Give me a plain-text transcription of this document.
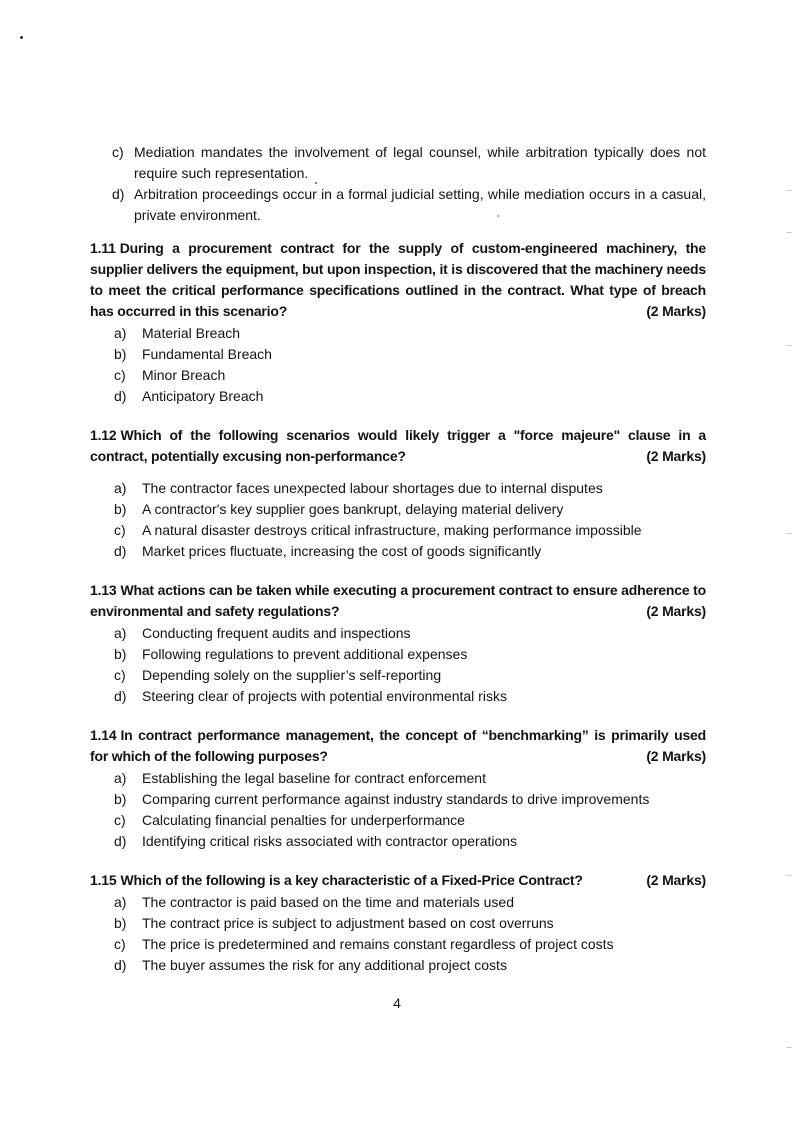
c) Mediation mandates the involvement of legal counsel, while arbitration typically does not require such representation.

d) Arbitration proceedings occur in a formal judicial setting, while mediation occurs in a casual, private environment.

1.11 During a procurement contract for the supply of custom-engineered machinery, the supplier delivers the equipment, but upon inspection, it is discovered that the machinery needs to meet the critical performance specifications outlined in the contract. What type of breach has occurred in this scenario?	(2 Marks)

a) Material Breach

b) Fundamental Breach

c) Minor Breach

d) Anticipatory Breach

1.12 Which of the following scenarios would likely trigger a "force majeure" clause in a contract, potentially excusing non-performance?	(2 Marks)

a) The contractor faces unexpected labour shortages due to internal disputes

b) A contractor's key supplier goes bankrupt, delaying material delivery

c) A natural disaster destroys critical infrastructure, making performance impossible

d) Market prices fluctuate, increasing the cost of goods significantly

1.13 What actions can be taken while executing a procurement contract to ensure adherence to environmental and safety regulations?	(2 Marks)

a) Conducting frequent audits and inspections

b) Following regulations to prevent additional expenses

c) Depending solely on the supplier’s self-reporting

d) Steering clear of projects with potential environmental risks

1.14 In contract performance management, the concept of “benchmarking” is primarily used for which of the following purposes?	(2 Marks)

a) Establishing the legal baseline for contract enforcement

b) Comparing current performance against industry standards to drive improvements

c) Calculating financial penalties for underperformance

d) Identifying critical risks associated with contractor operations

1.15 Which of the following is a key characteristic of a Fixed-Price Contract?	(2 Marks)

a) The contractor is paid based on the time and materials used

b) The contract price is subject to adjustment based on cost overruns

c) The price is predetermined and remains constant regardless of project costs

d) The buyer assumes the risk for any additional project costs

4
